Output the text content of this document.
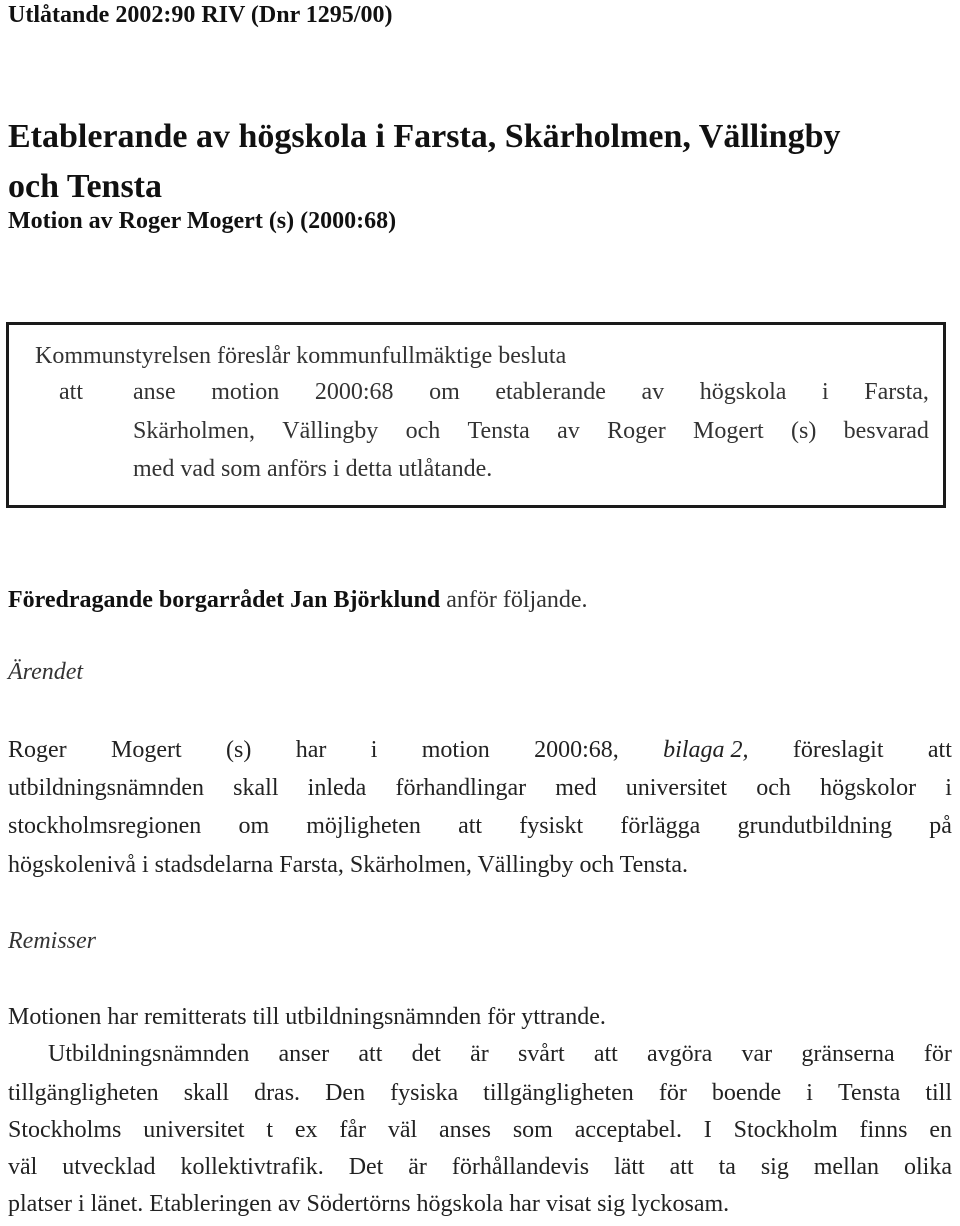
Utlåtande 2002:90 RIV (Dnr 1295/00)
Etablerande av högskola i Farsta, Skärholmen, Vällingby
och Tensta
Motion av Roger Mogert (s) (2000:68)
Kommunstyrelsen föreslår kommunfullmäktige besluta
att anse motion 2000:68 om etablerande av högskola i Farsta,
Skärholmen, Vällingby och Tensta av Roger Mogert (s) besvarad
med vad som anförs i detta utlåtande.
Föredragande borgarrådet Jan Björklund anför följande.
Ärendet
Roger Mogert (s) har i motion 2000:68, bilaga 2, föreslagit att
utbildningsnämnden skall inleda förhandlingar med universitet och högskolor i
stockholmsregionen om möjligheten att fysiskt förlägga grundutbildning på
högskolenivå i stadsdelarna Farsta, Skärholmen, Vällingby och Tensta.
Remisser
Motionen har remitterats till utbildningsnämnden för yttrande.
Utbildningsnämnden anser att det är svårt att avgöra var gränserna för
tillgängligheten skall dras. Den fysiska tillgängligheten för boende i Tensta till
Stockholms universitet t ex får väl anses som acceptabel. I Stockholm finns en
väl utvecklad kollektivtrafik. Det är förhållandevis lätt att ta sig mellan olika
platser i länet. Etableringen av Södertörns högskola har visat sig lyckosam.
